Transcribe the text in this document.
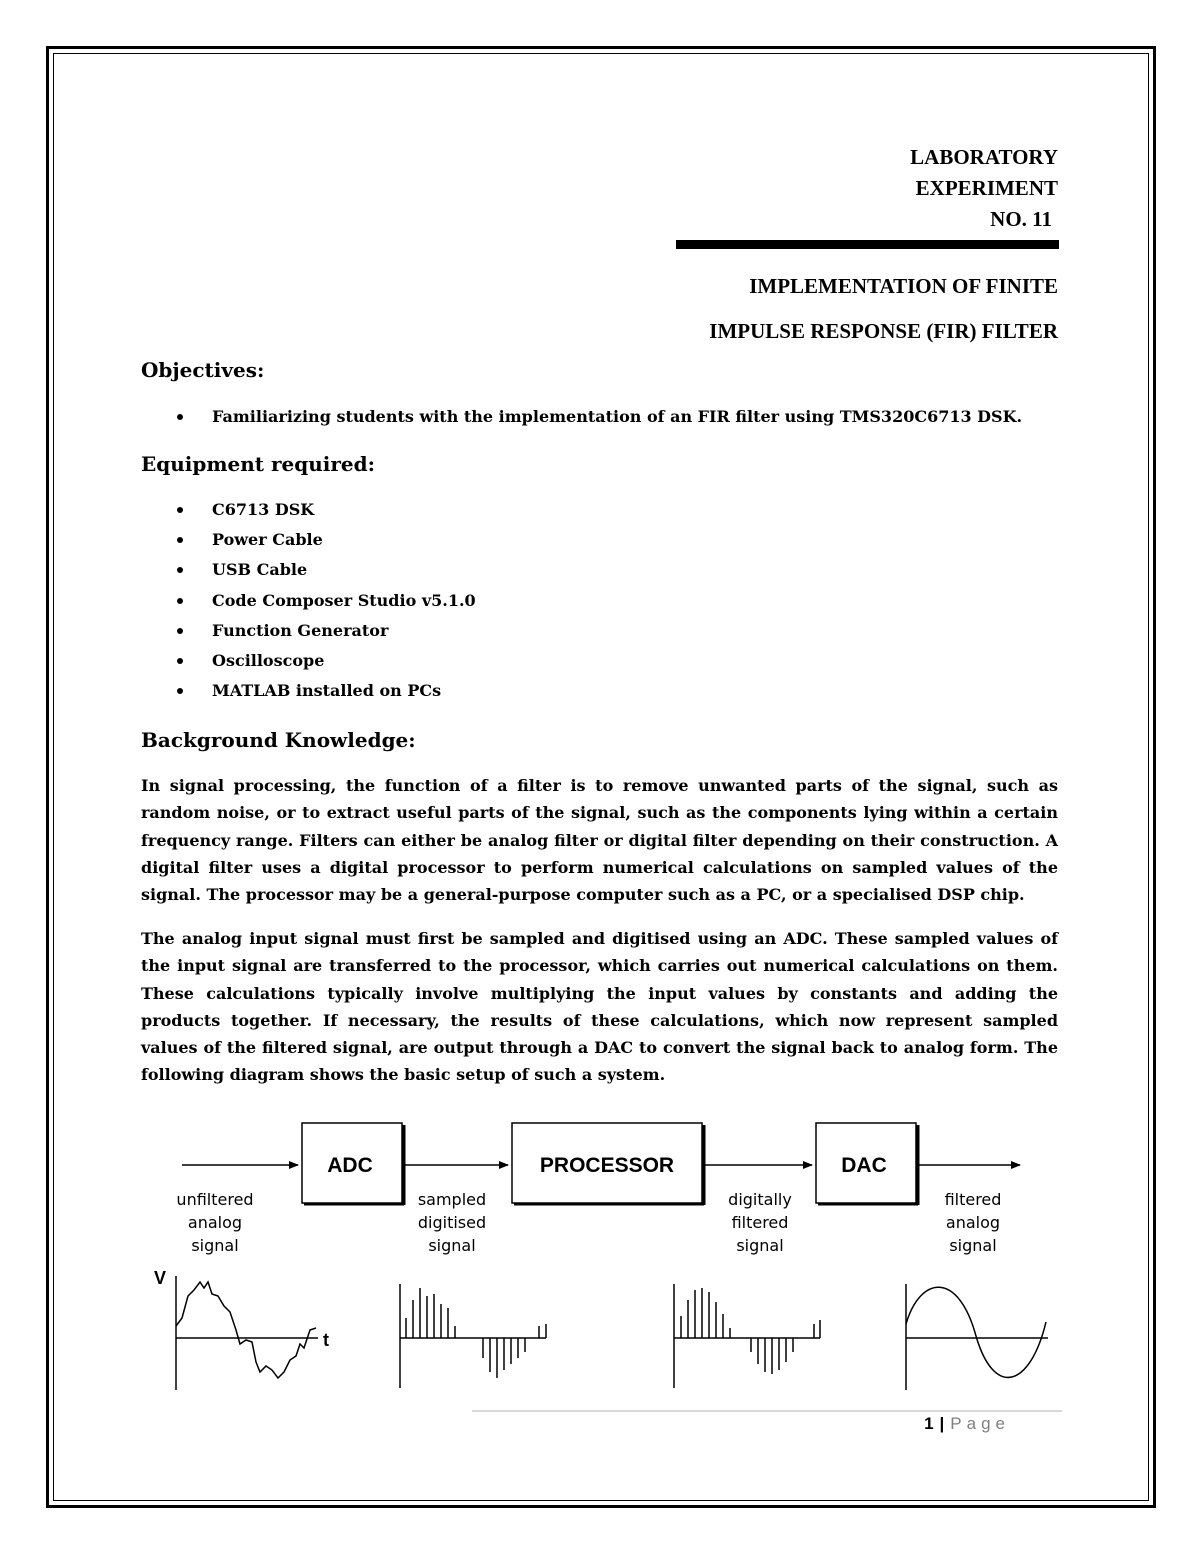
LABORATORY
EXPERIMENT
NO. 11
IMPLEMENTATION OF FINITE
IMPULSE RESPONSE (FIR) FILTER
Objectives:
Familiarizing students with the implementation of an FIR filter using TMS320C6713 DSK.
Equipment required:
C6713 DSK
Power Cable
USB Cable
Code Composer Studio v5.1.0
Function Generator
Oscilloscope
MATLAB installed on PCs
Background Knowledge:

In signal processing, the function of a filter is to remove unwanted parts of the signal, such as random noise, or to extract useful parts of the signal, such as the components lying within a certain frequency range. Filters can either be analog filter or digital filter depending on their construction. A digital filter uses a digital processor to perform numerical calculations on sampled values of the signal. The processor may be a general-purpose computer such as a PC, or a specialised DSP chip.

The analog input signal must first be sampled and digitised using an ADC. These sampled values of the input signal are transferred to the processor, which carries out numerical calculations on them. These calculations typically involve multiplying the input values by constants and adding the products together. If necessary, the results of these calculations, which now represent sampled values of the filtered signal, are output through a DAC to convert the signal back to analog form. The following diagram shows the basic setup of such a system.

ADC	PROCESSOR	DAC
unfiltered
analog
signal
sampled
digitised
signal
digitally
filtered
signal
filtered
analog
signal
V
t
1 | Page
